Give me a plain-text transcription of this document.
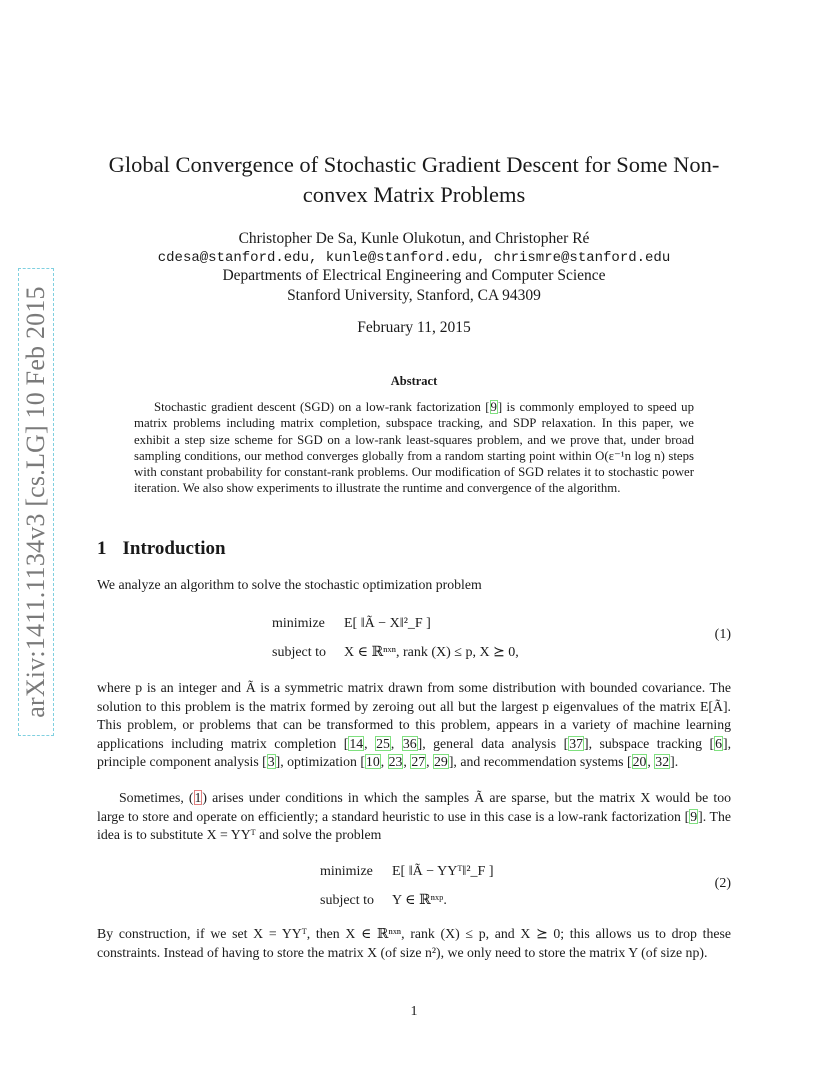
arXiv:1411.1134v3 [cs.LG] 10 Feb 2015
Global Convergence of Stochastic Gradient Descent for Some Non-convex Matrix Problems
Christopher De Sa, Kunle Olukotun, and Christopher Ré
cdesa@stanford.edu, kunle@stanford.edu, chrismre@stanford.edu
Departments of Electrical Engineering and Computer Science
Stanford University, Stanford, CA 94309
February 11, 2015
Abstract

Stochastic gradient descent (SGD) on a low-rank factorization [9] is commonly employed to speed up matrix problems including matrix completion, subspace tracking, and SDP relaxation. In this paper, we exhibit a step size scheme for SGD on a low-rank least-squares problem, and we prove that, under broad sampling conditions, our method converges globally from a random starting point within O(ε⁻¹n log n) steps with constant probability for constant-rank problems. Our modification of SGD relates it to stochastic power iteration. We also show experiments to illustrate the runtime and convergence of the algorithm.

1 Introduction
We analyze an algorithm to solve the stochastic optimization problem
minimize E[ ‖Ã − X‖²_F ]
subject to X ∈ ℝⁿˣⁿ, rank (X) ≤ p, X ⪰ 0,
(1)

where p is an integer and Ã is a symmetric matrix drawn from some distribution with bounded covariance. The solution to this problem is the matrix formed by zeroing out all but the largest p eigenvalues of the matrix E[Ã]. This problem, or problems that can be transformed to this problem, appears in a variety of machine learning applications including matrix completion [14, 25, 36], general data analysis [37], subspace tracking [6], principle component analysis [3], optimization [10, 23, 27, 29], and recommendation systems [20, 32].

Sometimes, (1) arises under conditions in which the samples Ã are sparse, but the matrix X would be too large to store and operate on efficiently; a standard heuristic to use in this case is a low-rank factorization [9]. The idea is to substitute X = YYᵀ and solve the problem

minimize E[ ‖Ã − YYᵀ‖²_F ]
subject to Y ∈ ℝⁿˣᵖ.
(2)
By construction, if we set X = YYᵀ, then X ∈ ℝⁿˣⁿ, rank (X) ≤ p, and X ⪰ 0; this allows us to drop these constraints. Instead of having to store the matrix X (of size n²), we only need to store the matrix Y (of size np).
1
